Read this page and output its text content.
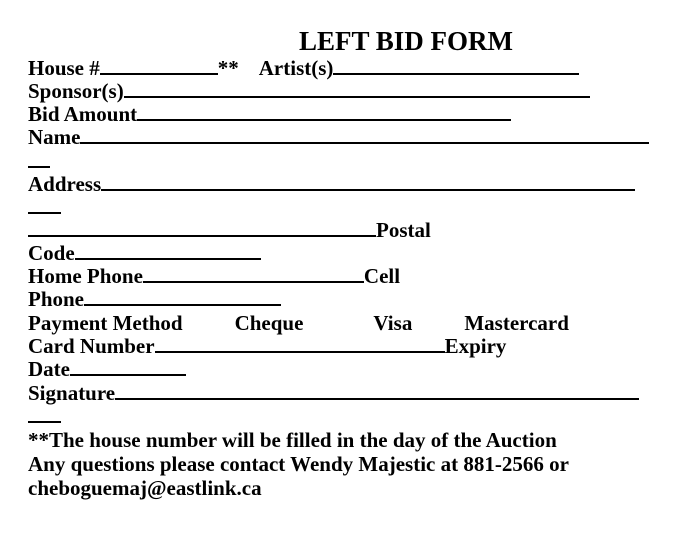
LEFT BID FORM
House #	** Artist(s)
Sponsor(s)
Bid Amount
Name
Address
Postal
Code
Home Phone	Cell
Phone
Payment Method Cheque	Visa Mastercard
Card Number	Expiry
Date
Signature
**The house number will be filled in the day of the Auction
Any questions please contact Wendy Majestic at 881-2566 or
cheboguemaj@eastlink.ca
